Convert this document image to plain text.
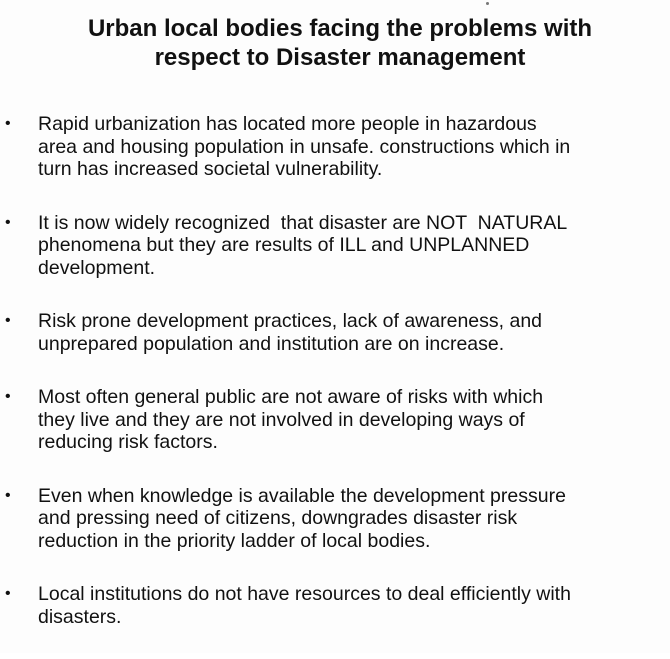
Urban local bodies facing the problems with
respect to Disaster management
• Rapid urbanization has located more people in hazardous
area and housing population in unsafe. constructions which in
turn has increased societal vulnerability.
• It is now widely recognized  that disaster are NOT  NATURAL
phenomena but they are results of ILL and UNPLANNED
development.
• Risk prone development practices, lack of awareness, and
unprepared population and institution are on increase.
• Most often general public are not aware of risks with which
they live and they are not involved in developing ways of
reducing risk factors.
• Even when knowledge is available the development pressure
and pressing need of citizens, downgrades disaster risk
reduction in the priority ladder of local bodies.
• Local institutions do not have resources to deal efficiently with
disasters.
